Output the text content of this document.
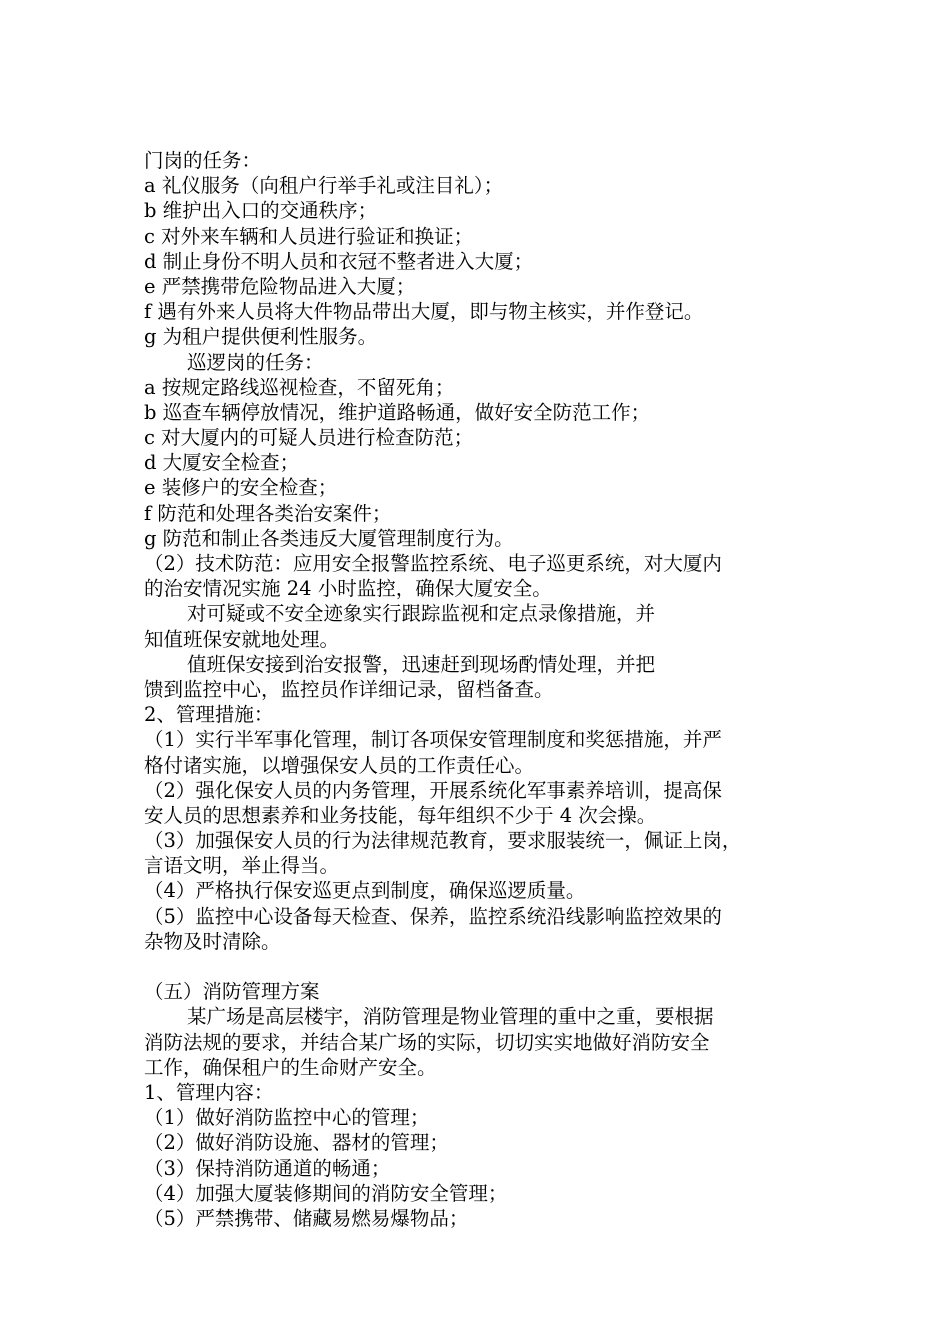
门岗的任务：
a 礼仪服务（向租户行举手礼或注目礼）；
b 维护出入口的交通秩序；
c 对外来车辆和人员进行验证和换证；
d 制止身份不明人员和衣冠不整者进入大厦；
e 严禁携带危险物品进入大厦；
f 遇有外来人员将大件物品带出大厦，即与物主核实，并作登记。
g 为租户提供便利性服务。
巡逻岗的任务：
a 按规定路线巡视检查，不留死角；
b 巡查车辆停放情况，维护道路畅通，做好安全防范工作；
c 对大厦内的可疑人员进行检查防范；
d 大厦安全检查；
e 装修户的安全检查；
f 防范和处理各类治安案件；
g 防范和制止各类违反大厦管理制度行为。
（2）技术防范：应用安全报警监控系统、电子巡更系统，对大厦内
的治安情况实施 24 小时监控，确保大厦安全。
对可疑或不安全迹象实行跟踪监视和定点录像措施，并
知值班保安就地处理。
值班保安接到治安报警，迅速赶到现场酌情处理，并把
馈到监控中心，监控员作详细记录，留档备查。
2、管理措施：
（1）实行半军事化管理，制订各项保安管理制度和奖惩措施，并严
格付诸实施，以增强保安人员的工作责任心。
（2）强化保安人员的内务管理，开展系统化军事素养培训，提高保
安人员的思想素养和业务技能，每年组织不少于 4 次会操。
（3）加强保安人员的行为法律规范教育，要求服装统一，佩证上岗，
言语文明，举止得当。
（4）严格执行保安巡更点到制度，确保巡逻质量。
（5）监控中心设备每天检查、保养，监控系统沿线影响监控效果的
杂物及时清除。
（五）消防管理方案
某广场是高层楼宇，消防管理是物业管理的重中之重，要根据
消防法规的要求，并结合某广场的实际，切切实实地做好消防安全
工作，确保租户的生命财产安全。
1、管理内容：
（1）做好消防监控中心的管理；
（2）做好消防设施、器材的管理；
（3）保持消防通道的畅通；
（4）加强大厦装修期间的消防安全管理；
（5）严禁携带、储藏易燃易爆物品；
